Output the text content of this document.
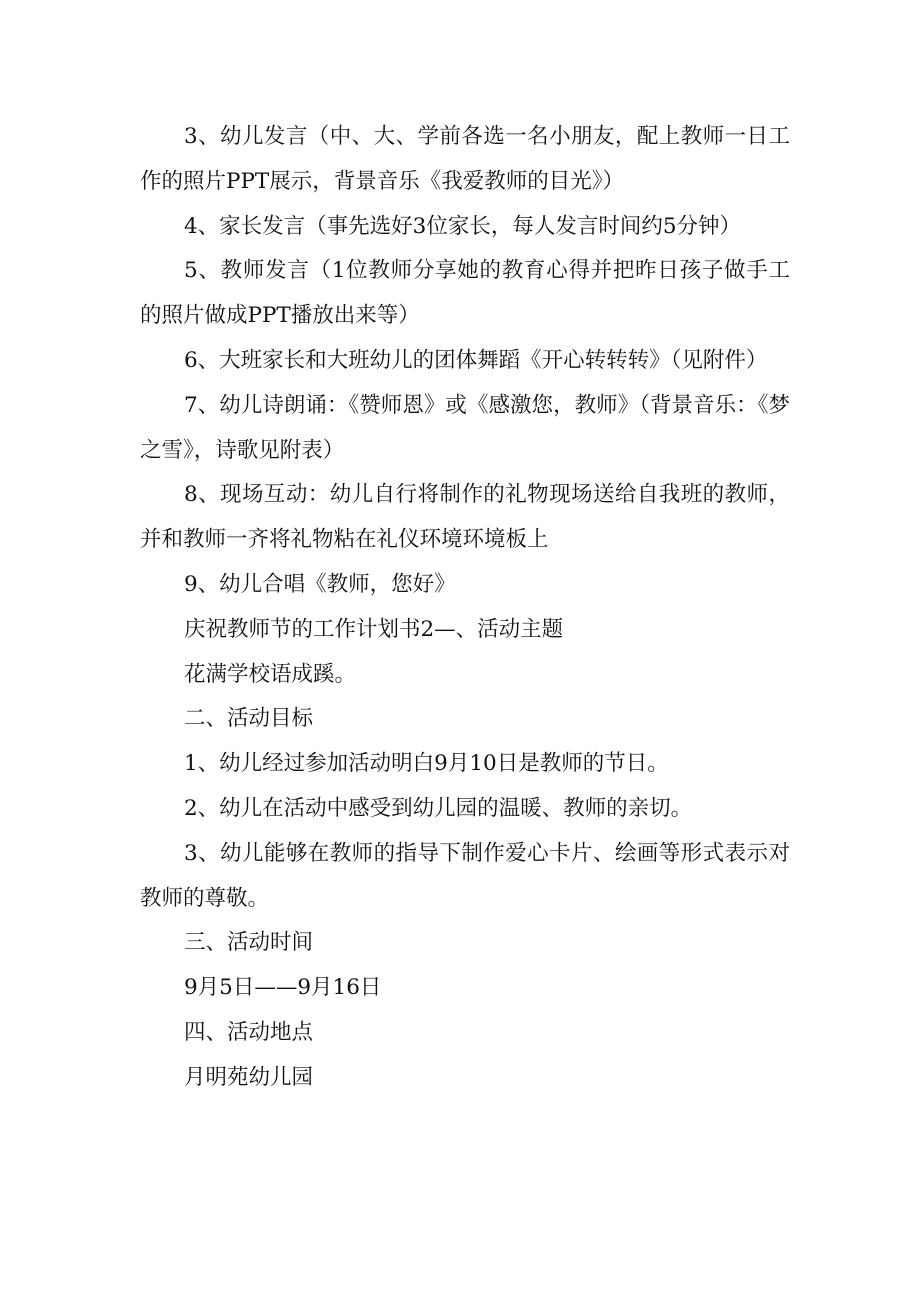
3、幼儿发言（中、大、学前各选一名小朋友，配上教师一日工作的照片PPT展示，背景音乐《我爱教师的目光》）

4、家长发言（事先选好3位家长，每人发言时间约5分钟）

5、教师发言（1位教师分享她的教育心得并把昨日孩子做手工的照片做成PPT播放出来等）

6、大班家长和大班幼儿的团体舞蹈《开心转转转》（见附件）

7、幼儿诗朗诵：《赞师恩》或《感激您，教师》（背景音乐：《梦之雪》，诗歌见附表）

8、现场互动：幼儿自行将制作的礼物现场送给自我班的教师，并和教师一齐将礼物粘在礼仪环境环境板上

9、幼儿合唱《教师，您好》

庆祝教师节的工作计划书2—、活动主题

花满学校语成蹊。

二、活动目标

1、幼儿经过参加活动明白9月10日是教师的节日。

2、幼儿在活动中感受到幼儿园的温暖、教师的亲切。

3、幼儿能够在教师的指导下制作爱心卡片、绘画等形式表示对教师的尊敬。

三、活动时间

9月5日——9月16日

四、活动地点

月明苑幼儿园
